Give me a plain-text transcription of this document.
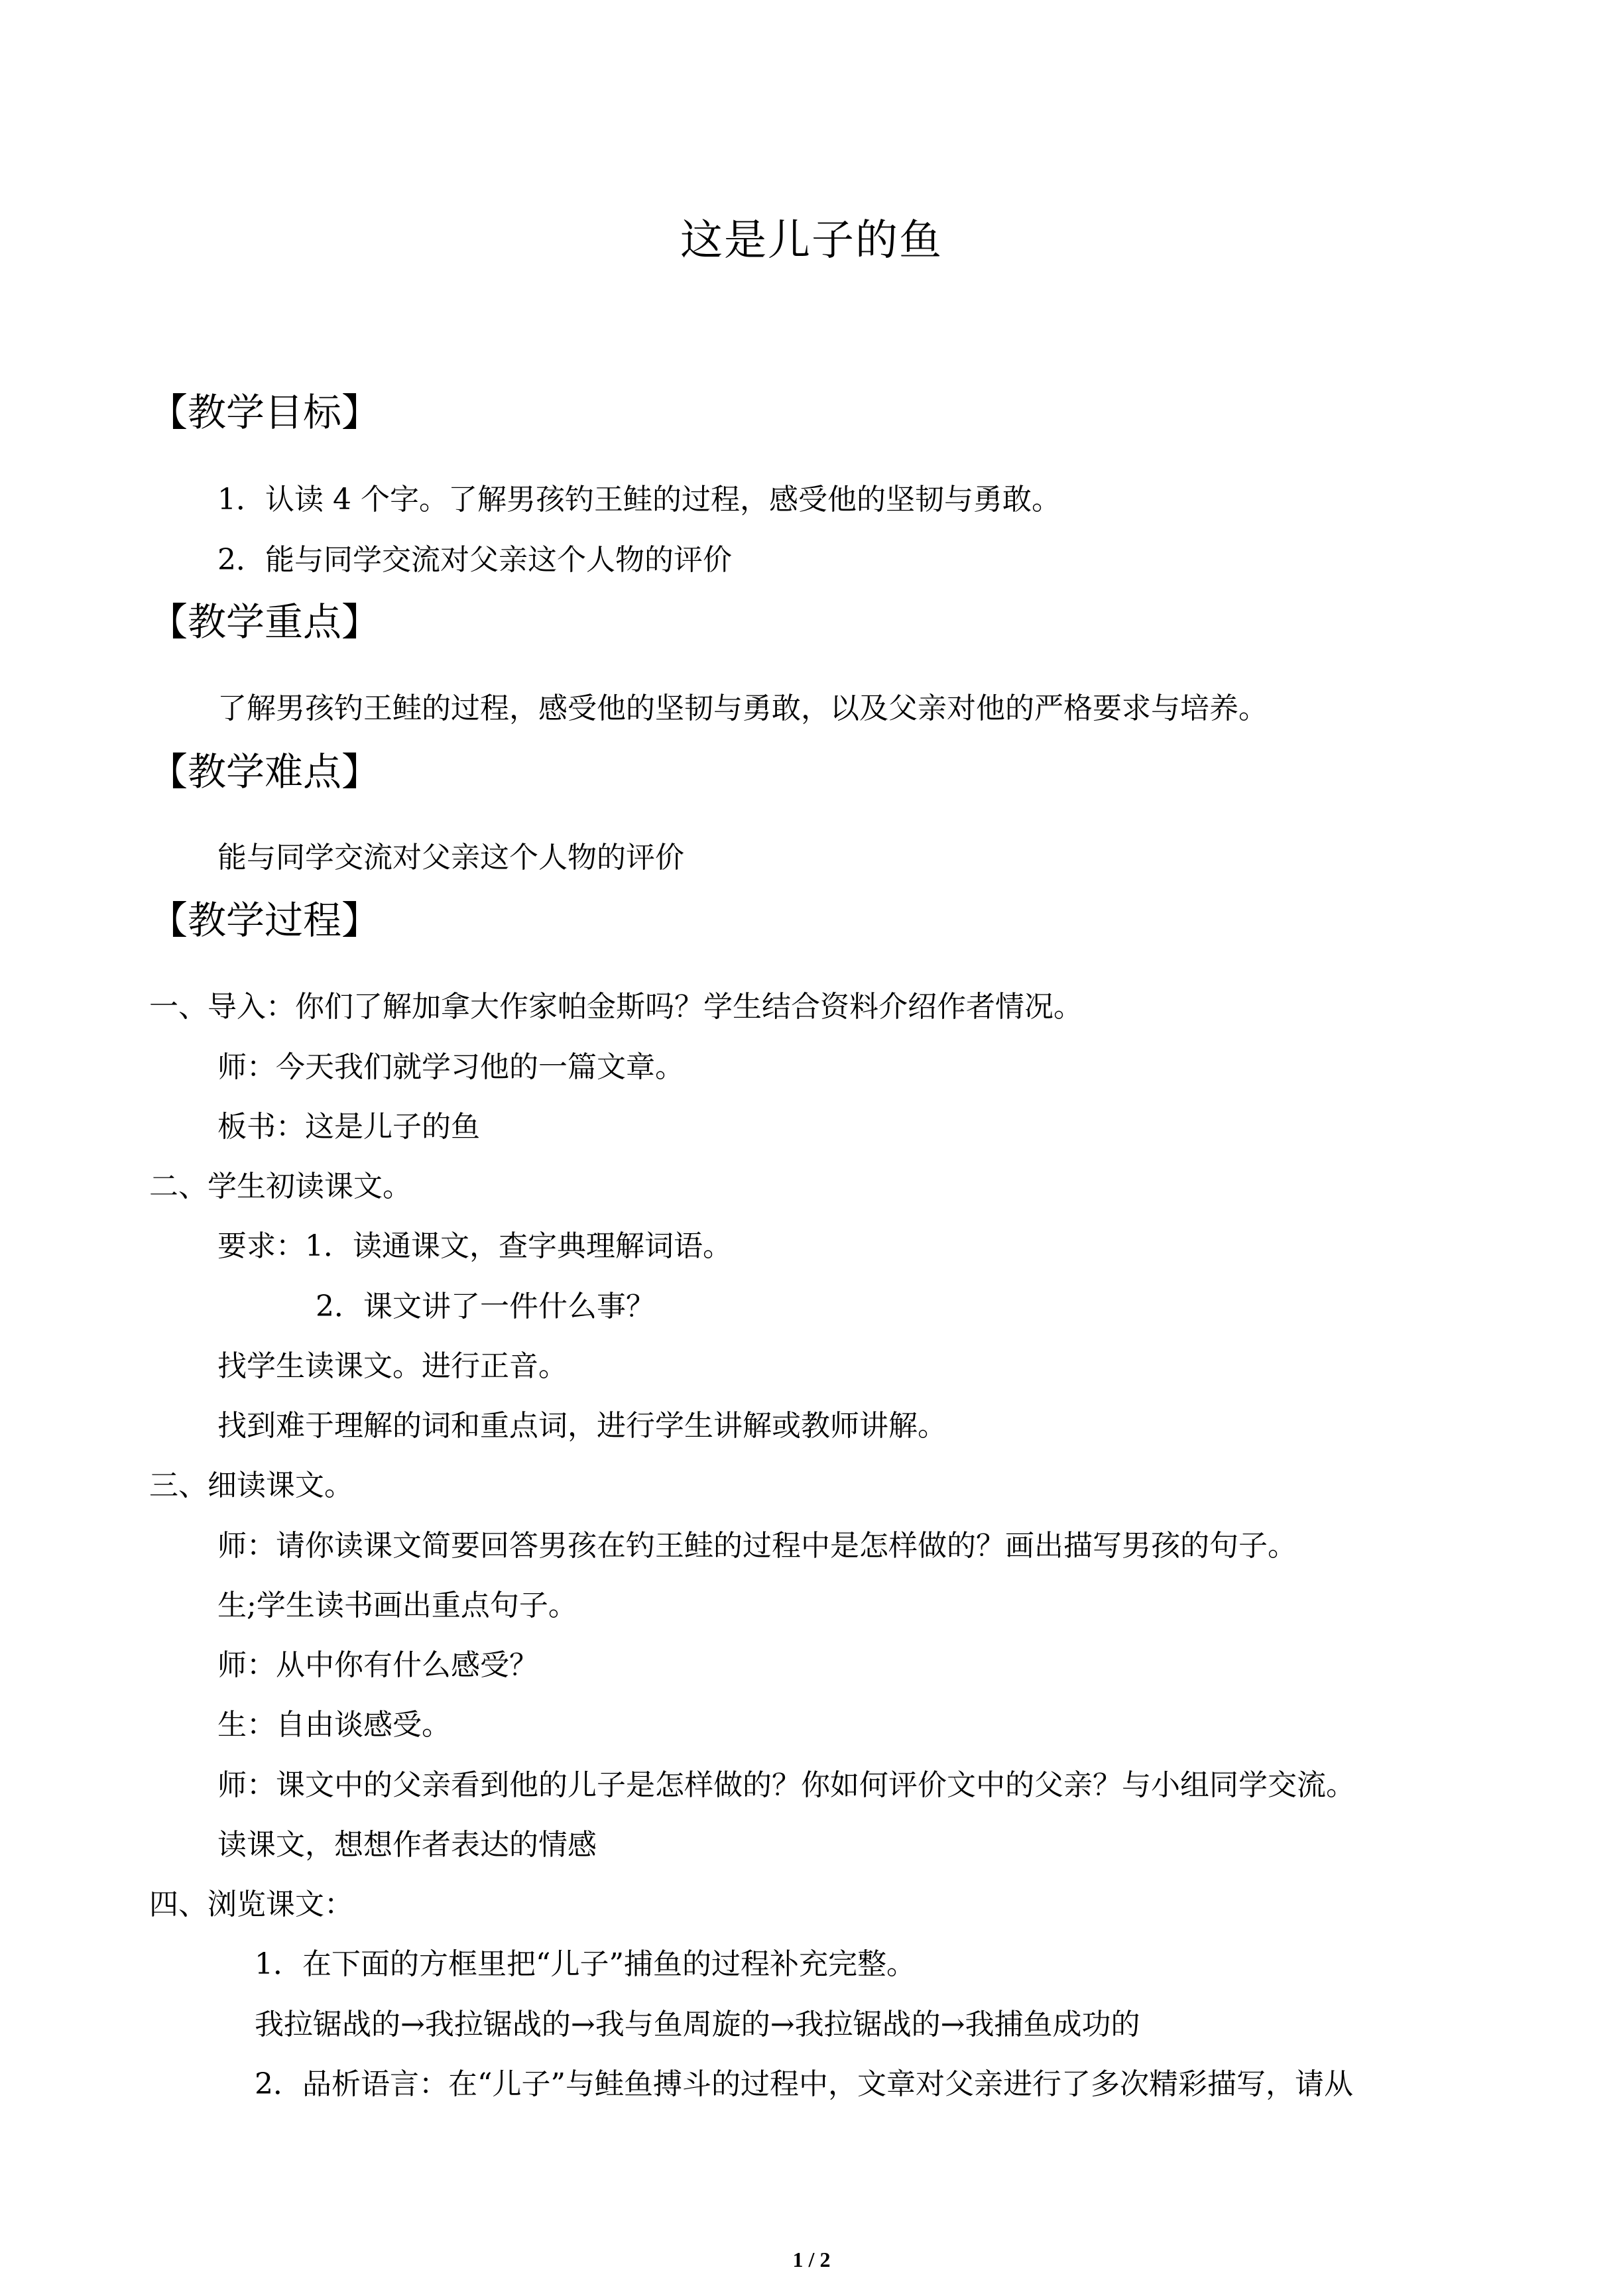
这是儿子的鱼
【教学目标】
1．认读 4 个字。了解男孩钓王鲑的过程，感受他的坚韧与勇敢。
2．能与同学交流对父亲这个人物的评价
【教学重点】
了解男孩钓王鲑的过程，感受他的坚韧与勇敢，以及父亲对他的严格要求与培养。
【教学难点】
能与同学交流对父亲这个人物的评价
【教学过程】
一、导入：你们了解加拿大作家帕金斯吗？学生结合资料介绍作者情况。
师：今天我们就学习他的一篇文章。
板书：这是儿子的鱼
二、学生初读课文。
要求：1．读通课文，查字典理解词语。
2．课文讲了一件什么事？
找学生读课文。进行正音。
找到难于理解的词和重点词，进行学生讲解或教师讲解。
三、细读课文。
师：请你读课文简要回答男孩在钓王鲑的过程中是怎样做的？画出描写男孩的句子。
生;学生读书画出重点句子。
师：从中你有什么感受？
生：自由谈感受。
师：课文中的父亲看到他的儿子是怎样做的？你如何评价文中的父亲？与小组同学交流。
读课文，想想作者表达的情感
四、浏览课文：
1．在下面的方框里把“儿子”捕鱼的过程补充完整。
我拉锯战的→我拉锯战的→我与鱼周旋的→我拉锯战的→我捕鱼成功的
2．品析语言：在“儿子”与鲑鱼搏斗的过程中，文章对父亲进行了多次精彩描写，请从
1 / 2
